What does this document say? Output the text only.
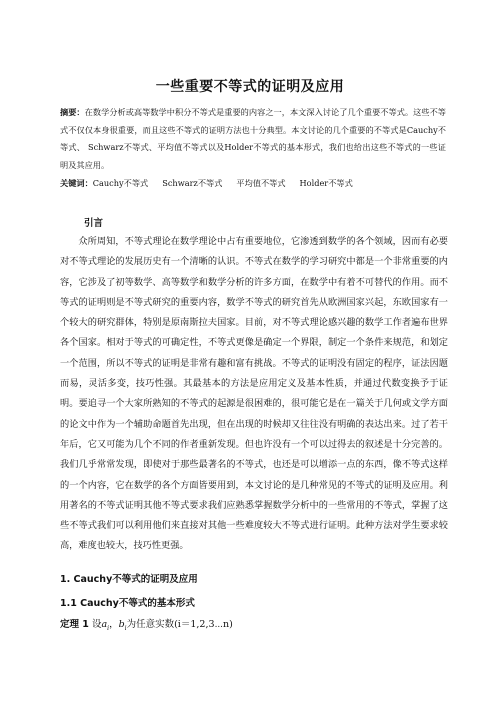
一些重要不等式的证明及应用
摘要：在数学分析或高等数学中积分不等式是重要的内容之一，本文深入讨论了几个重要不等式。这些不等式不仅仅本身很重要，而且这些不等式的证明方法也十分典型。本文讨论的几个重要的不等式是Cauchy不等式、 Schwarz不等式、平均值不等式以及Holder不等式的基本形式，我们也给出这些不等式的一些证明及其应用。
关键词：Cauchy不等式 Schwarz不等式 平均值不等式 Holder不等式
引言
众所周知，不等式理论在数学理论中占有重要地位，它渗透到数学的各个领域，因而有必要对不等式理论的发展历史有一个清晰的认识。不等式在数学的学习研究中都是一个非常重要的内容，它涉及了初等数学、高等数学和数学分析的许多方面，在数学中有着不可替代的作用。而不等式的证明则是不等式研究的重要内容，数学不等式的研究首先从欧洲国家兴起，东欧国家有一个较大的研究群体，特别是原南斯拉夫国家。目前，对不等式理论感兴趣的数学工作者遍布世界各个国家。相对于等式的可确定性，不等式更像是确定一个界限，制定一个条件来规范，和划定一个范围，所以不等式的证明是非常有趣和富有挑战。不等式的证明没有固定的程序，证法因题而易，灵活多变，技巧性强。其最基本的方法是应用定义及基本性质，并通过代数变换予于证明。要追寻一个大家所熟知的不等式的起源是很困难的，很可能它是在一篇关于几何或文学方面的论文中作为一个辅助命题首先出现，但在出现的时候却又往往没有明确的表达出来。过了若干年后，它又可能为几个不同的作者重新发现。但也许没有一个可以过得去的叙述是十分完善的。我们几乎常常发现，即使对于那些最著名的不等式，也还是可以增添一点的东西，像不等式这样的一个内容，它在数学的各个方面皆要用到，本文讨论的是几种常见的不等式的证明及应用。利用著名的不等式证明其他不等式要求我们应熟悉掌握数学分析中的一些常用的不等式，掌握了这些不等式我们可以利用他们来直接对其他一些难度较大不等式进行证明。此种方法对学生要求较高，难度也较大，技巧性更强。
1. Cauchy不等式的证明及应用
1.1 Cauchy不等式的基本形式
定理 1 设$a_i$，$b_i$为任意实数(i＝1,2,3⋯n)
